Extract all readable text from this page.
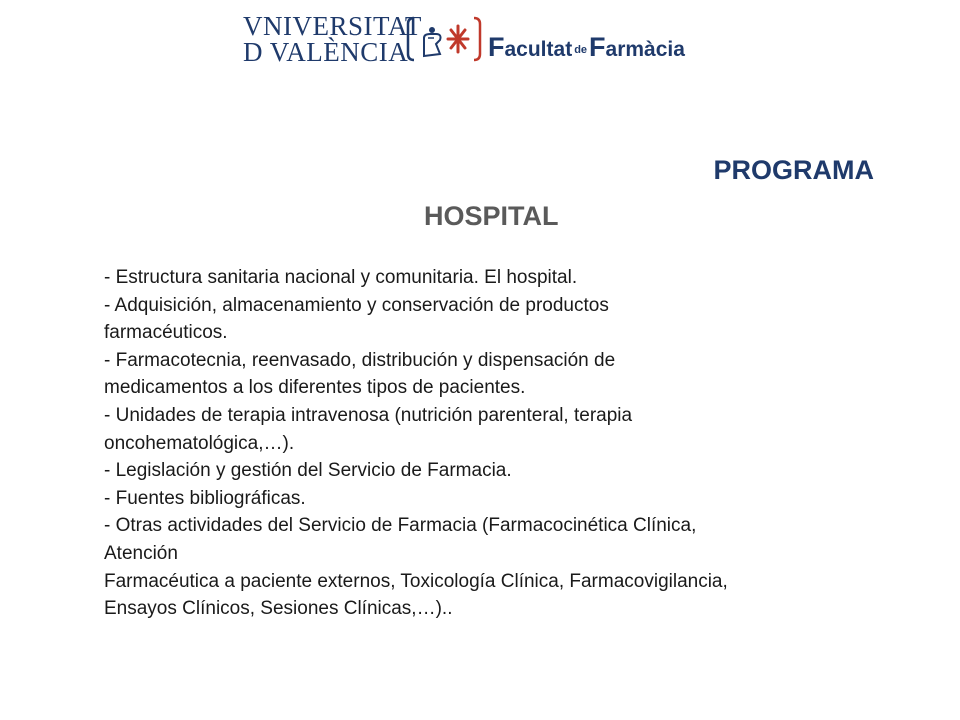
VNIVERSITAT
D VALÈNCIA	Facultat deFarmàcia
PROGRAMA
HOSPITAL

- Estructura sanitaria nacional y comunitaria. El hospital.

- Adquisición, almacenamiento y conservación de productos

farmacéuticos.

- Farmacotecnia, reenvasado, distribución y dispensación de

medicamentos a los diferentes tipos de pacientes.

- Unidades de terapia intravenosa (nutrición parenteral, terapia

oncohematológica,…).

- Legislación y gestión del Servicio de Farmacia.

- Fuentes bibliográficas.

- Otras actividades del Servicio de Farmacia (Farmacocinética Clínica,

Atención

Farmacéutica a paciente externos, Toxicología Clínica, Farmacovigilancia,

Ensayos Clínicos, Sesiones Clínicas,…)..
